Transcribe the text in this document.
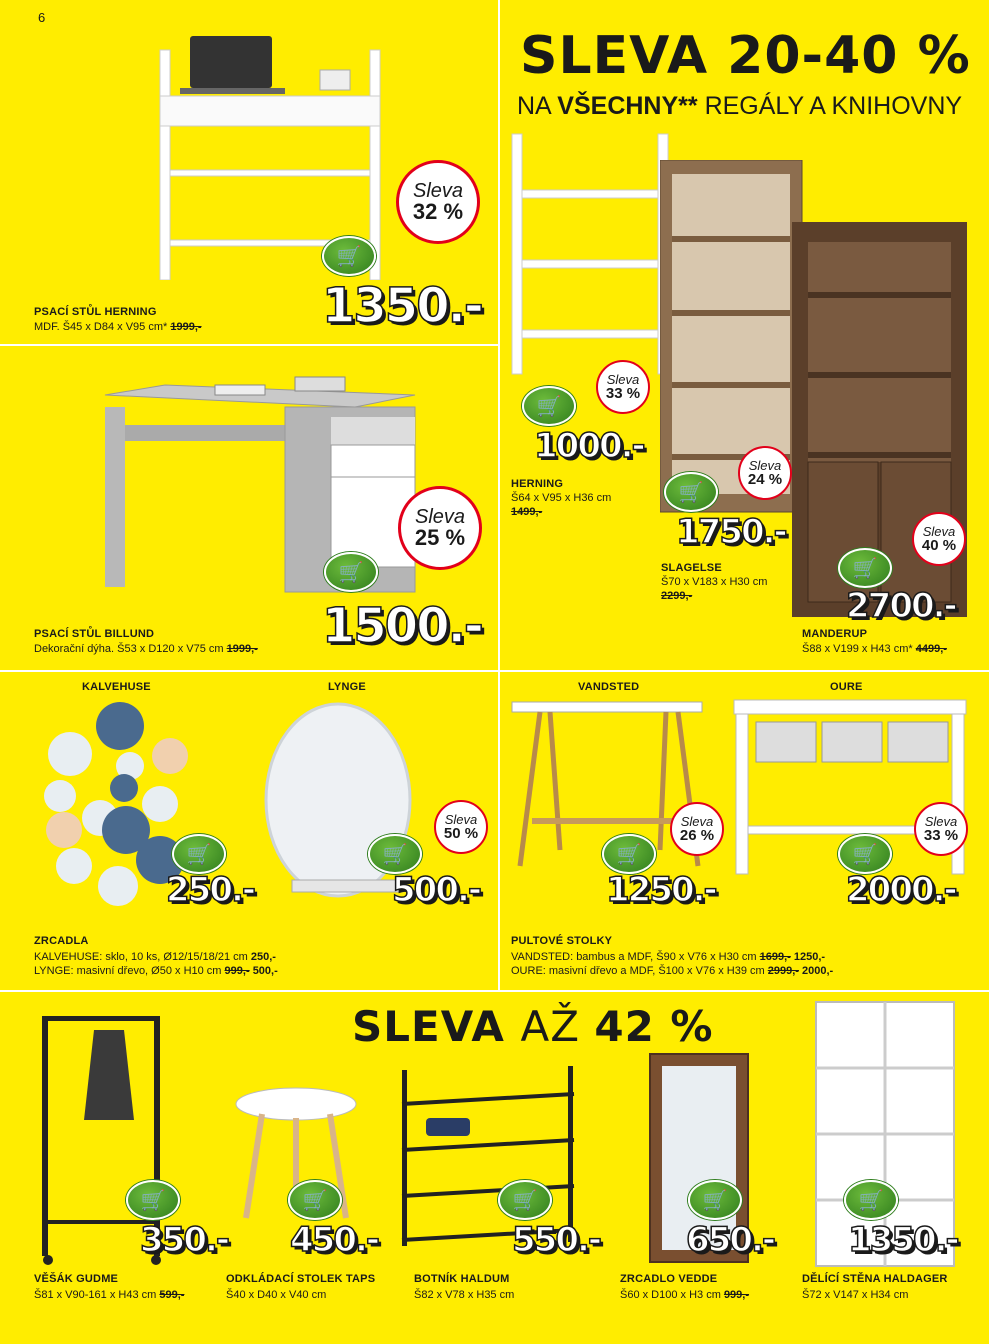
6
Sleva
32 %
🛒
1350.-
PSACÍ STŮL HERNING
MDF. Š45 x D84 x V95 cm* 1999,-
Sleva
25 %
🛒
1500.-
PSACÍ STŮL BILLUND
Dekorační dýha. Š53 x D120 x V75 cm 1999,-
SLEVA 20-40 %
NA VŠECHNY** REGÁLY A KNIHOVNY
Sleva
33 %
🛒
1000.-
HERNING
Š64 x V95 x H36 cm
1499,-
Sleva
24 %
🛒
1750.-
SLAGELSE
Š70 x V183 x H30 cm
2299,-
Sleva
40 %
🛒
2700.-
MANDERUP
Š88 x V199 x H43 cm* 4499,-
KALVEHUSE	LYNGE
🛒
250.-
Sleva
50 %
🛒
500.-
ZRCADLA
KALVEHUSE: sklo, 10 ks, Ø12/15/18/21 cm 250,-
LYNGE: masivní dřevo, Ø50 x H10 cm 999,- 500,-
VANDSTED	OURE
Sleva
26 %
🛒
1250.-
Sleva
33 %
🛒
2000.-
PULTOVÉ STOLKY
VANDSTED: bambus a MDF, Š90 x V76 x H30 cm 1699,- 1250,-
OURE: masivní dřevo a MDF, Š100 x V76 x H39 cm 2999,- 2000,-
SLEVA AŽ 42 %
🛒
350.-
VĚŠÁK GUDME
Š81 x V90-161 x H43 cm 599,-
🛒
450.-
ODKLÁDACÍ STOLEK TAPS
Š40 x D40 x V40 cm
🛒
550.-
BOTNÍK HALDUM
Š82 x V78 x H35 cm
🛒
650.-
ZRCADLO VEDDE
Š60 x D100 x H3 cm 999,-
🛒
1350.-
DĚLÍCÍ STĚNA HALDAGER
Š72 x V147 x H34 cm
